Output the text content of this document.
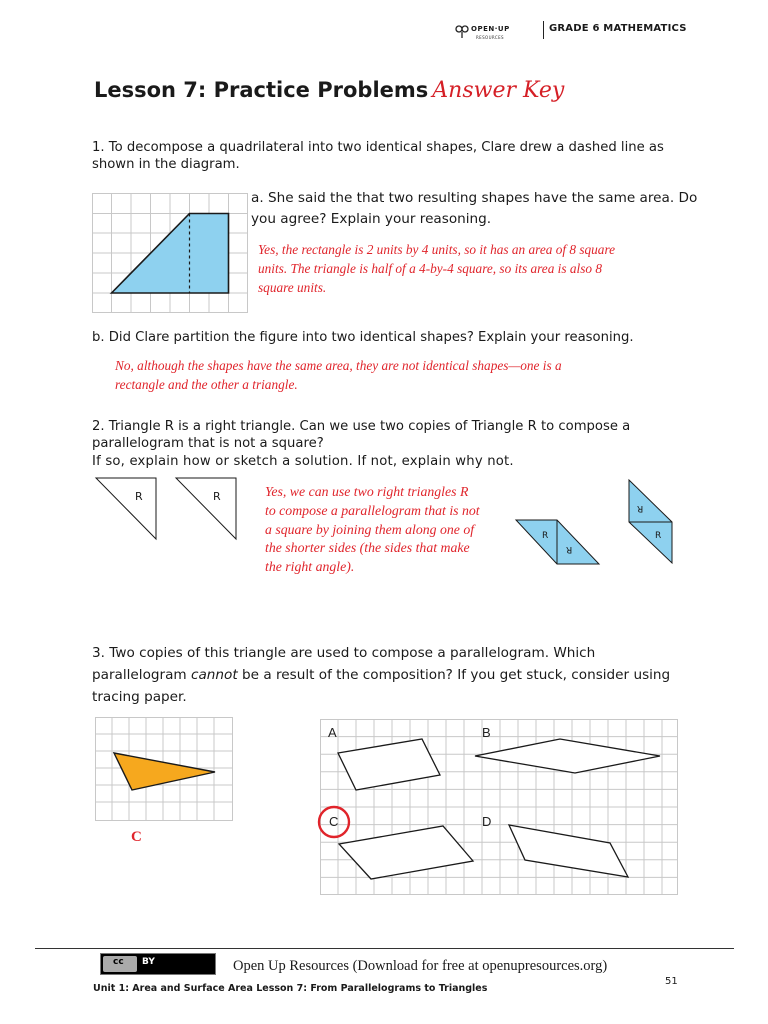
OPEN·UP
RESOURCES
GRADE 6 MATHEMATICS
Lesson 7: Practice Problems Answer Key
1. To decompose a quadrilateral into two identical shapes, Clare drew a dashed line as
shown in the diagram.
a. She said the that two resulting shapes have the same area. Do
you agree? Explain your reasoning.
Yes, the rectangle is 2 units by 4 units, so it has an area of 8 square
units. The triangle is half of a 4-by-4 square, so its area is also 8
square units.
b. Did Clare partition the figure into two identical shapes? Explain your reasoning.
No, although the shapes have the same area, they are not identical shapes—one is a
rectangle and the other a triangle.
2. Triangle R is a right triangle. Can we use two copies of Triangle R to compose a
parallelogram that is not a square?
If so, explain how or sketch a solution. If not, explain why not.
R	R	Yes, we can use two right triangles R
to compose a parallelogram that is not
a square by joining them along one of
the shorter sides (the sides that make
the right angle).
R
R
R
R
3. Two copies of this triangle are used to compose a parallelogram. Which
parallelogram cannot be a result of the composition? If you get stuck, consider using
tracing paper.
C
A	B
C	D
cc BY	Open Up Resources (Download for free at openupresources.org)
Unit 1: Area and Surface Area Lesson 7: From Parallelograms to Triangles
51
